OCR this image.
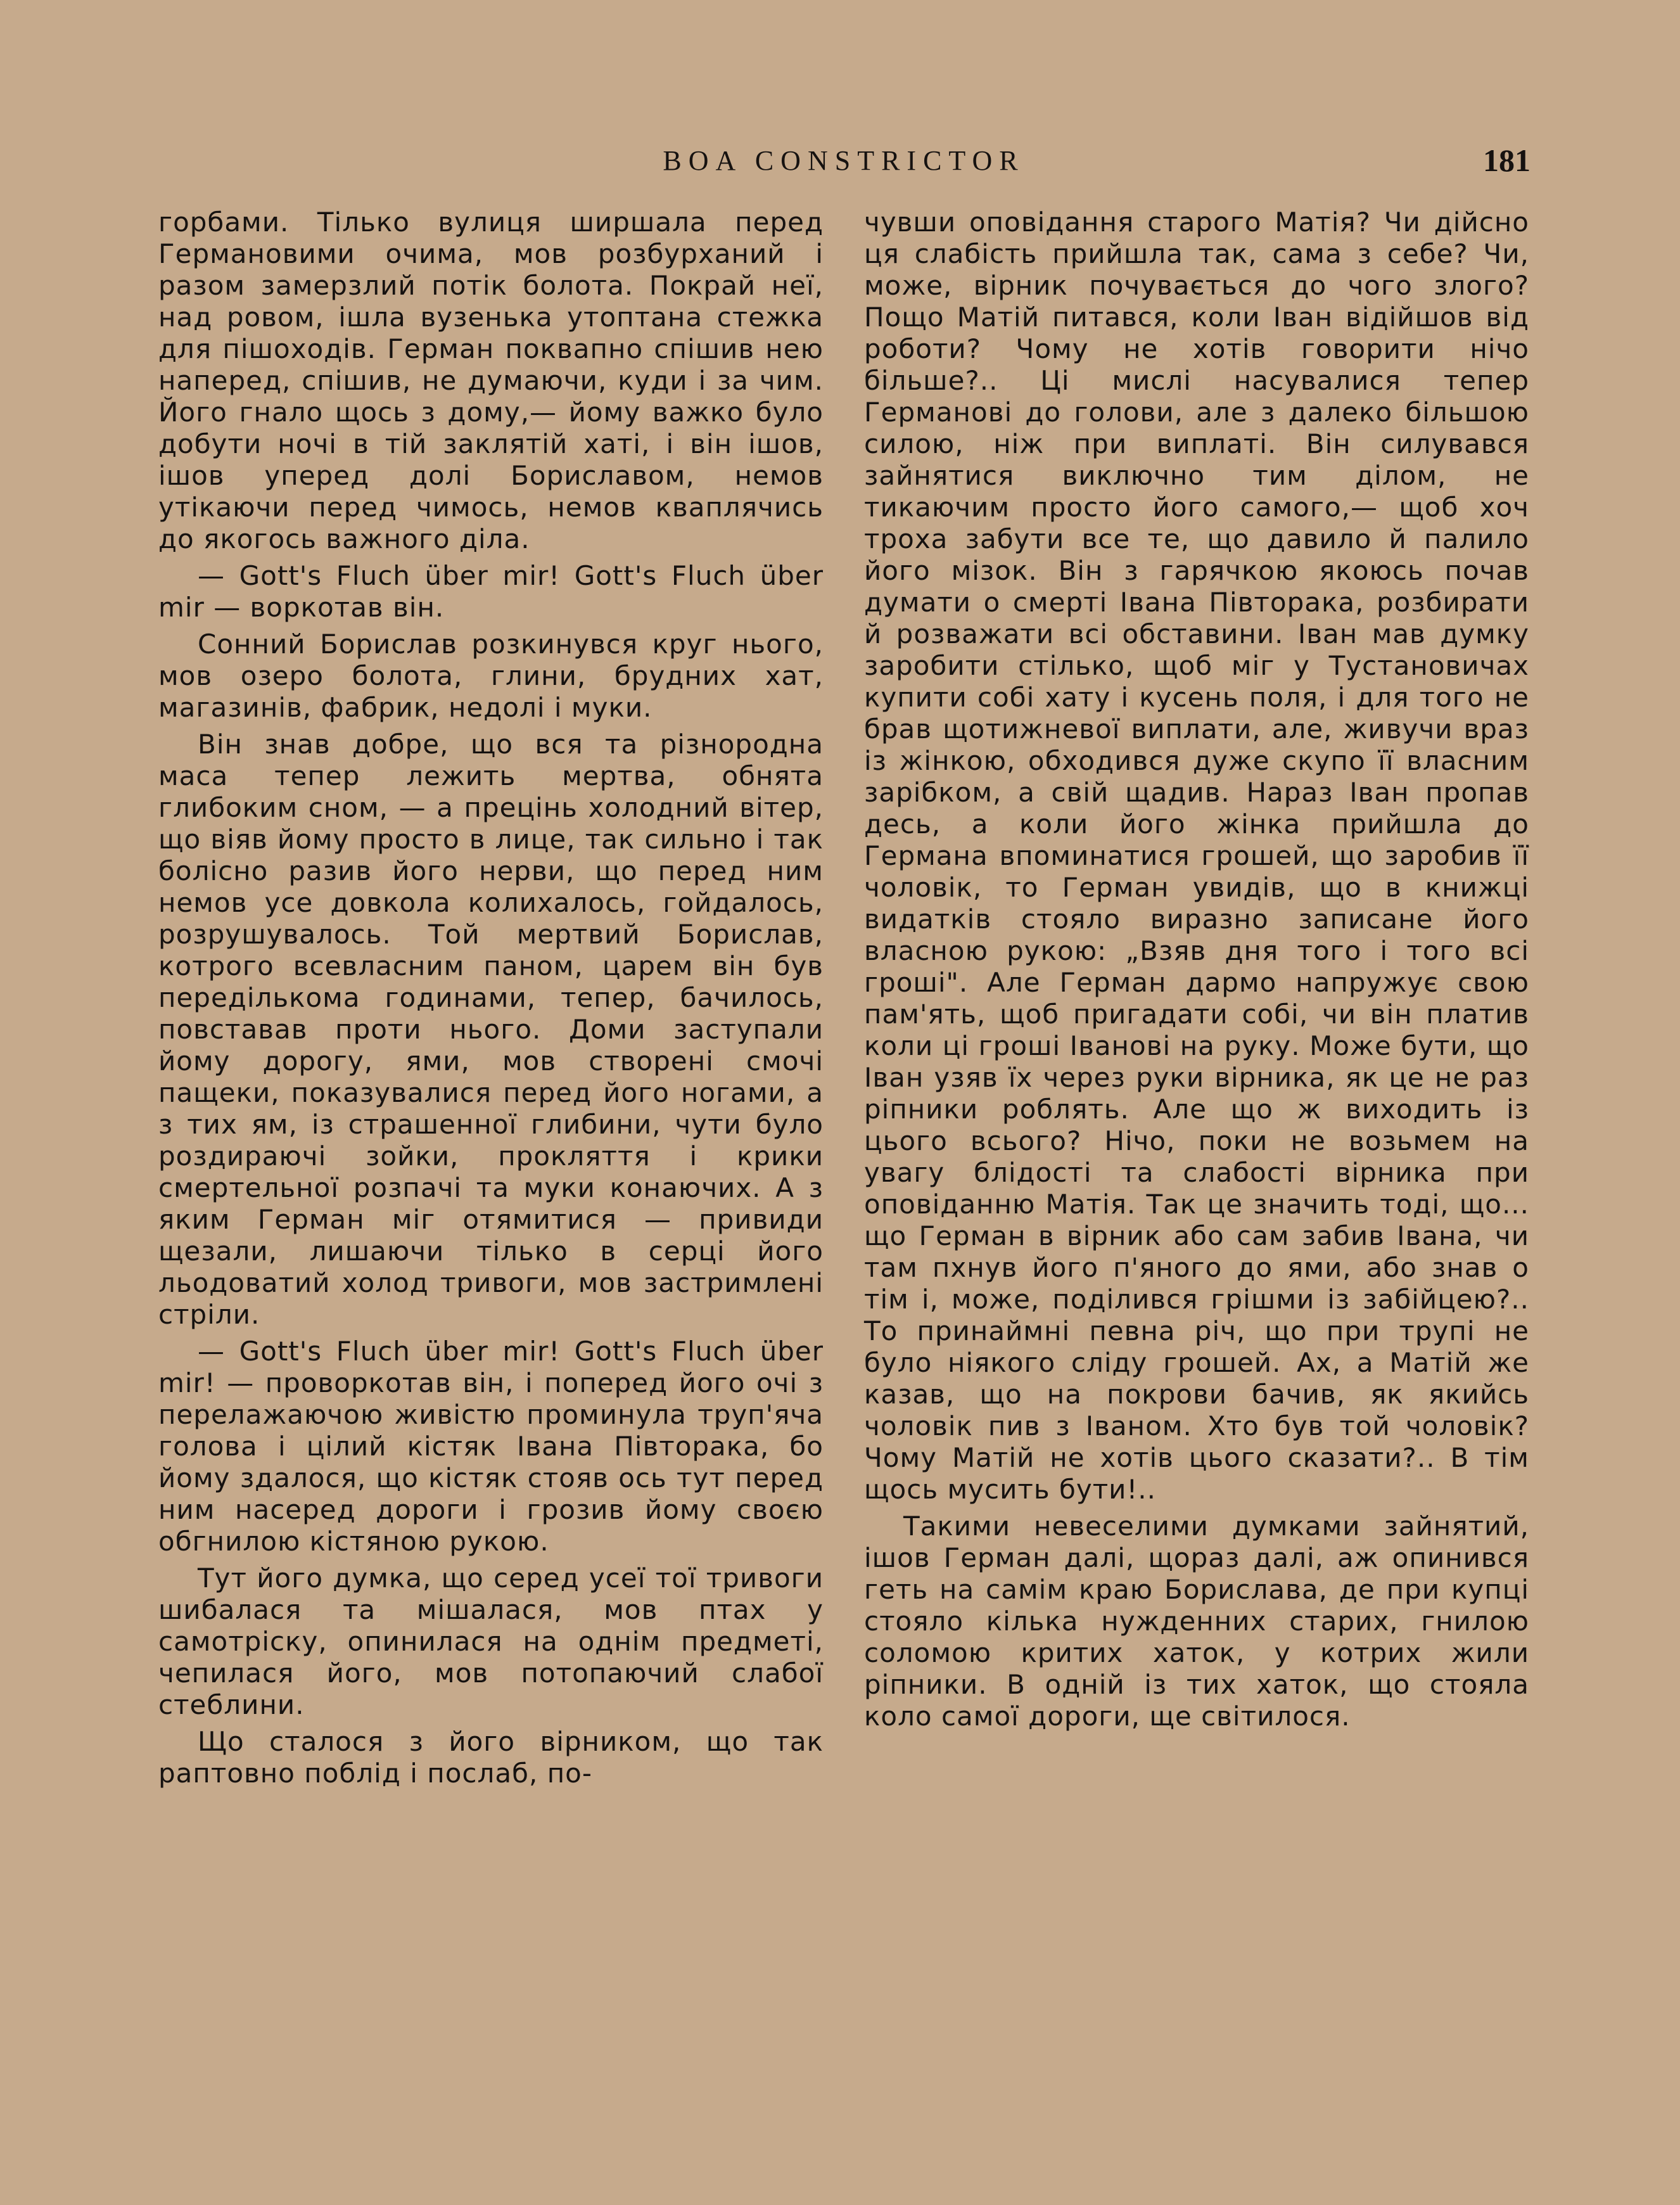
BOA CONSTRICTOR	181

горбами. Тілько вулиця ширшала перед Германовими очима, мов розбурханий і разом замерзлий потік болота. Покрай неї, над ровом, ішла вузенька утоптана стежка для пішоходів. Герман поквапно спішив нею наперед, спішив, не думаючи, куди і за чим. Його гнало щось з дому,— йому важко було добути ночі в тій заклятій хаті, і він ішов, ішов уперед долі Бориславом, немов утікаючи перед чимось, немов кваплячись до якогось важного діла.

— Gott's Fluch über mir! Gott's Fluch über mir — воркотав він.

Сонний Борислав розкинувся круг нього, мов озеро болота, глини, брудних хат, магазинів, фабрик, недолі і муки.

Він знав добре, що вся та різнородна маса тепер лежить мертва, обнята глибоким сном, — а прецінь холодний вітер, що віяв йому просто в лице, так сильно і так болісно разив його нерви, що перед ним немов усе довкола колихалось, гойдалось, розрушувалось. Той мертвий Борислав, котрого всевласним паном, царем він був передількома годинами, тепер, бачилось, повставав проти нього. Доми заступали йому дорогу, ями, мов створені смочі пащеки, показувалися перед його ногами, а з тих ям, із страшенної глибини, чути було роздираючі зойки, прокляття і крики смертельної розпачі та муки конаючих. А з яким Герман міг отямитися — привиди щезали, лишаючи тілько в серці його льодоватий холод тривоги, мов застримлені стріли.

— Gott's Fluch über mir! Gott's Fluch über mir! — проворкотав він, і поперед його очі з перелажаючою живістю проминула труп'яча голова і цілий кістяк Івана Півторака, бо йому здалося, що кістяк стояв ось тут перед ним насеред дороги і грозив йому своєю обгнилою кістяною рукою.

Тут його думка, що серед усеї тої тривоги шибалася та мішалася, мов птах у самотріску, опинилася на однім предметі, чепилася його, мов потопаючий слабої стеблини.

Що сталося з його вірником, що так раптовно поблід і послаб, по-

чувши оповідання старого Матія? Чи дійсно ця слабість прийшла так, сама з себе? Чи, може, вірник почувається до чого злого? Пощо Матій питався, коли Іван відійшов від роботи? Чому не хотів говорити нічо більше?.. Ці мислі насувалися тепер Германові до голови, але з далеко більшою силою, ніж при виплаті. Він силувався зайнятися виключно тим ділом, не тикаючим просто його самого,— щоб хоч троха забути все те, що давило й палило його мізок. Він з гарячкою якоюсь почав думати о смерті Івана Півторака, розбирати й розважати всі обставини. Іван мав думку заробити стілько, щоб міг у Тустановичах купити собі хату і кусень поля, і для того не брав щотижневої виплати, але, живучи враз із жінкою, обходився дуже скупо її власним зарібком, а свій щадив. Нараз Іван пропав десь, а коли його жінка прийшла до Германа впоминатися грошей, що заробив її чоловік, то Герман увидів, що в книжці видатків стояло виразно записане його власною рукою: „Взяв дня того і того всі гроші". Але Герман дармо напружує свою пам'ять, щоб пригадати собі, чи він платив коли ці гроші Іванові на руку. Може бути, що Іван узяв їх через руки вірника, як це не раз ріпники роблять. Але що ж виходить із цього всього? Нічо, поки не возьмем на увагу блідості та слабості вірника при оповіданню Матія. Так це значить тоді, що... що Герман в вірник або сам забив Івана, чи там пхнув його п'яного до ями, або знав о тім і, може, поділився грішми із забійцею?.. То принаймні певна річ, що при трупі не було ніякого сліду грошей. Ах, а Матій же казав, що на покрови бачив, як якийсь чоловік пив з Іваном. Хто був той чоловік? Чому Матій не хотів цього сказати?.. В тім щось мусить бути!..

Такими невеселими думками зайнятий, ішов Герман далі, щораз далі, аж опинився геть на самім краю Борислава, де при купці стояло кілька нужденних старих, гнилою соломою критих хаток, у котрих жили ріпники. В одній із тих хаток, що стояла коло самої дороги, ще світилося.
